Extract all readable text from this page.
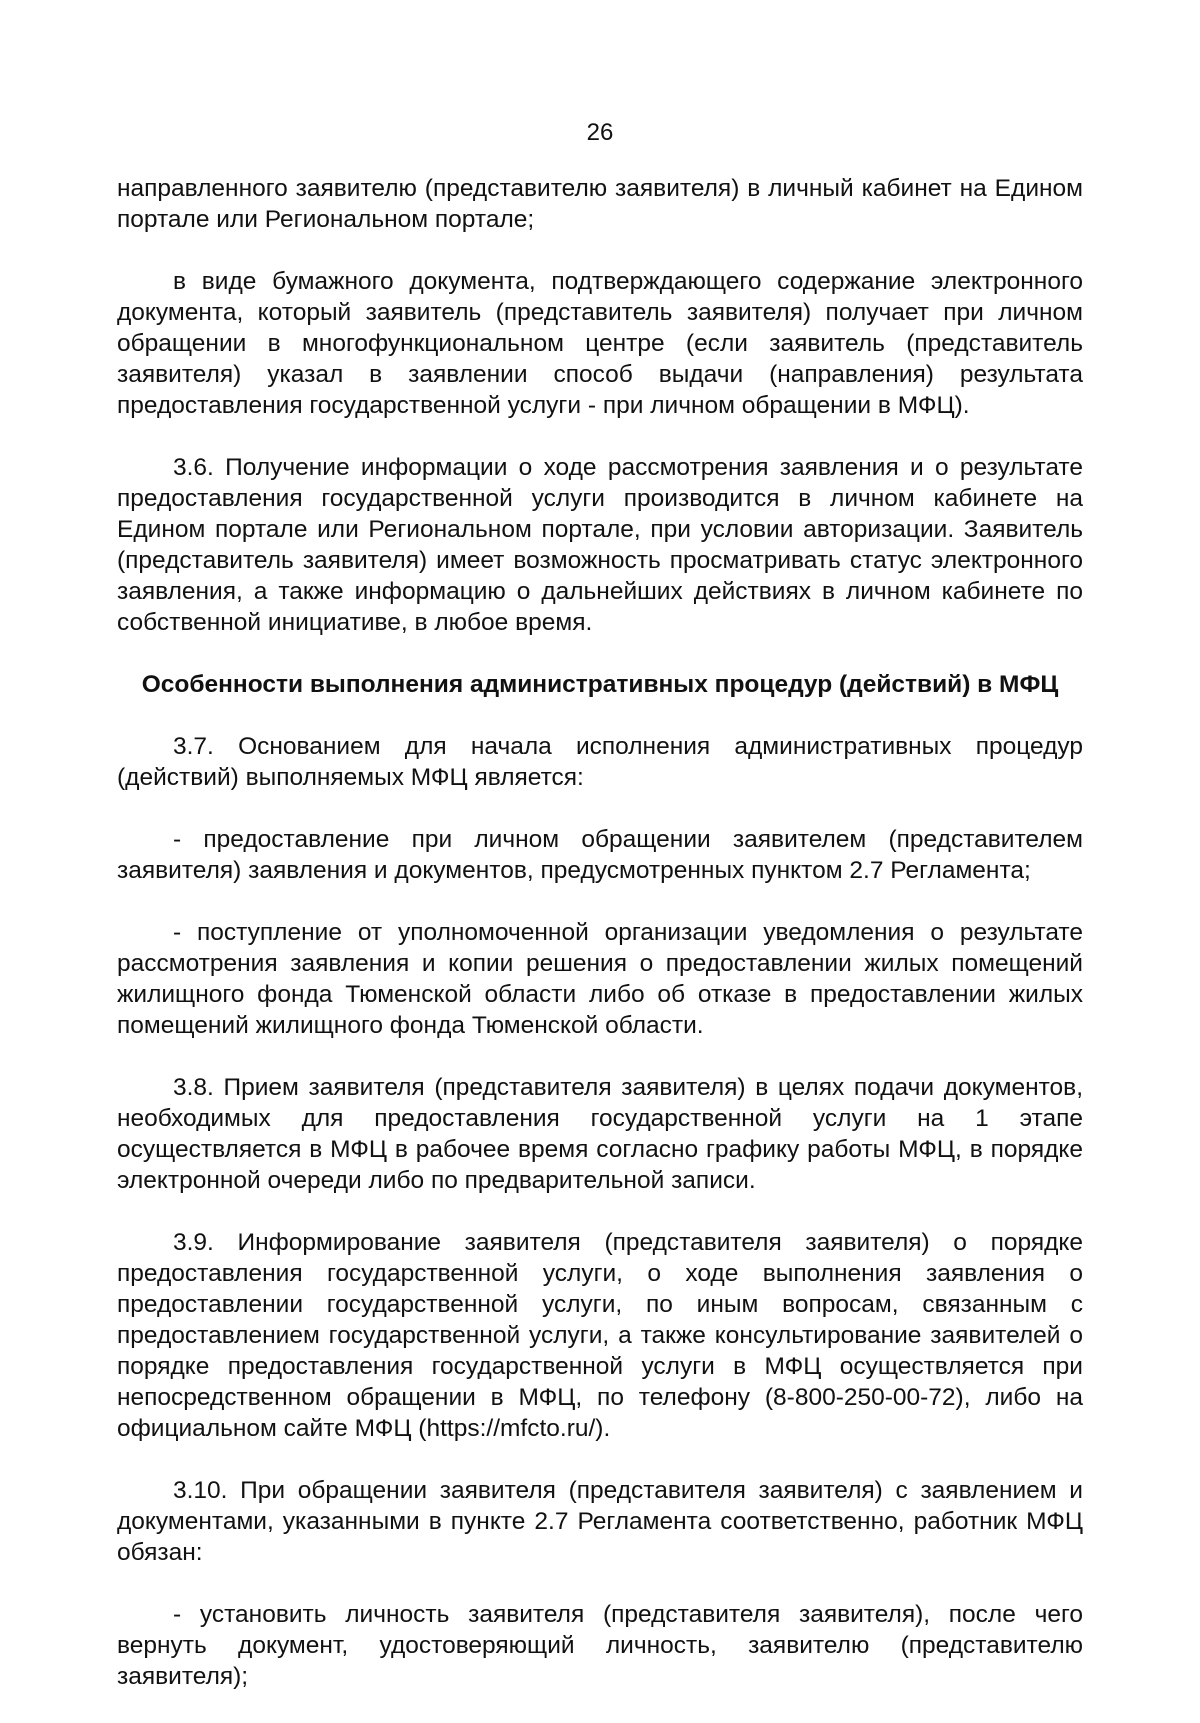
26

направленного заявителю (представителю заявителя) в личный кабинет на Едином портале или Региональном портале;

в виде бумажного документа, подтверждающего содержание электронного документа, который заявитель (представитель заявителя) получает при личном обращении в многофункциональном центре (если заявитель (представитель заявителя) указал в заявлении способ выдачи (направления) результата предоставления государственной услуги - при личном обращении в МФЦ).

3.6. Получение информации о ходе рассмотрения заявления и о результате предоставления государственной услуги производится в личном кабинете на Едином портале или Региональном портале, при условии авторизации. Заявитель (представитель заявителя) имеет возможность просматривать статус электронного заявления, а также информацию о дальнейших действиях в личном кабинете по собственной инициативе, в любое время.

Особенности выполнения административных процедур (действий) в МФЦ

3.7. Основанием для начала исполнения административных процедур (действий) выполняемых МФЦ является:

- предоставление при личном обращении заявителем (представителем заявителя) заявления и документов, предусмотренных пунктом 2.7 Регламента;

- поступление от уполномоченной организации уведомления о результате рассмотрения заявления и копии решения о предоставлении жилых помещений жилищного фонда Тюменской области либо об отказе в предоставлении жилых помещений жилищного фонда Тюменской области.

3.8. Прием заявителя (представителя заявителя) в целях подачи документов, необходимых для предоставления государственной услуги на 1 этапе осуществляется в МФЦ в рабочее время согласно графику работы МФЦ, в порядке электронной очереди либо по предварительной записи.

3.9. Информирование заявителя (представителя заявителя) о порядке предоставления государственной услуги, о ходе выполнения заявления о предоставлении государственной услуги, по иным вопросам, связанным с предоставлением государственной услуги, а также консультирование заявителей о порядке предоставления государственной услуги в МФЦ осуществляется при непосредственном обращении в МФЦ, по телефону (8-800-250-00-72), либо на официальном сайте МФЦ (https://mfcto.ru/).

3.10. При обращении заявителя (представителя заявителя) с заявлением и документами, указанными в пункте 2.7 Регламента соответственно, работник МФЦ обязан:

- установить личность заявителя (представителя заявителя), после чего вернуть документ, удостоверяющий личность, заявителю (представителю заявителя);
